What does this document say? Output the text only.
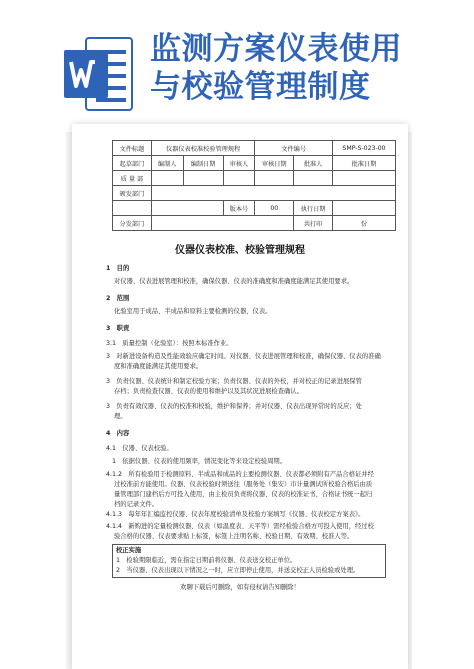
监测方案仪表使用
与校验管理制度
文件标题	仪器仪表校准校验管理规程			文件编号		SMP-S-023-00
起草部门	编制人	编制日期	审核人	审核日期	批准人	批准日期
质 量 部						
颁发部门						
			版本号	00	执行日期	
分发部门					共打印	份
仪器仪表校准、校验管理规程
1　目的
对仪器、仪表进展管理和校准，确保仪器、仪表的准确度和准确度能满足其使用要求。
2　范围
化验室用于成品、半成品和原料主要检测的仪器、仪表。
3　职责
3.1　质量控制（化验室）：按照本标准作业。
3　对新进设备构造及性能效验应确定时间。对仪器、仪表进展管理和校准，确保仪器、仪表的准确
度和准确度能满足其使用要求。
3　负责仪器、仪表统计和制定校验方案；负责仪器、仪表的外校，并对校正的记录进展保管
存档；负责检查仪器、仪表的使用和维护以及其状况进展检查确认。
3　负责有效仪器、仪表的校准和校验，维护和保养；并对仪器、仪表出现异常时的反应；处
理。
4　内容
4.1　仪器、仪表校验。
1　依据仪器、仪表的使用频率，情况变化等来设定校验周期。
4.1.2　所有检验用于检测原料、半成品和成品的主要检测仪器、仪表都必须附有产品合格证并经
过校准前方能使用。仪器、仪表校验时须送往（服务处（集安）市计量测试所校验合格后由质
量管理部门建档后方可投入使用，由主检员负责将仪器、仪表的校准证书、合格证书统一起归
档的记录文件。
4.1.3　每年年汇编监控仪器、仪表年度校验清单及校验方案填写《仪器、仪表校定方案表》。
4.1.4　新购进的定量检测仪器、仪表（如温度表、天平等）需经检验合格方可投入使用，经过校
验合格的仪器、仪表要求贴上标签，标签上注明名称、校验日期、有效期、校准人等。
校正实施
1　检验期限临近，需在指定日期前将仪器、仪表送交校正单位。
2　当仪器、仪表出现以下情况之一时，应立即停止使用，并送交校正人员检验或处理。
欢聊下载后可删除，如有侵权请告知删除！
